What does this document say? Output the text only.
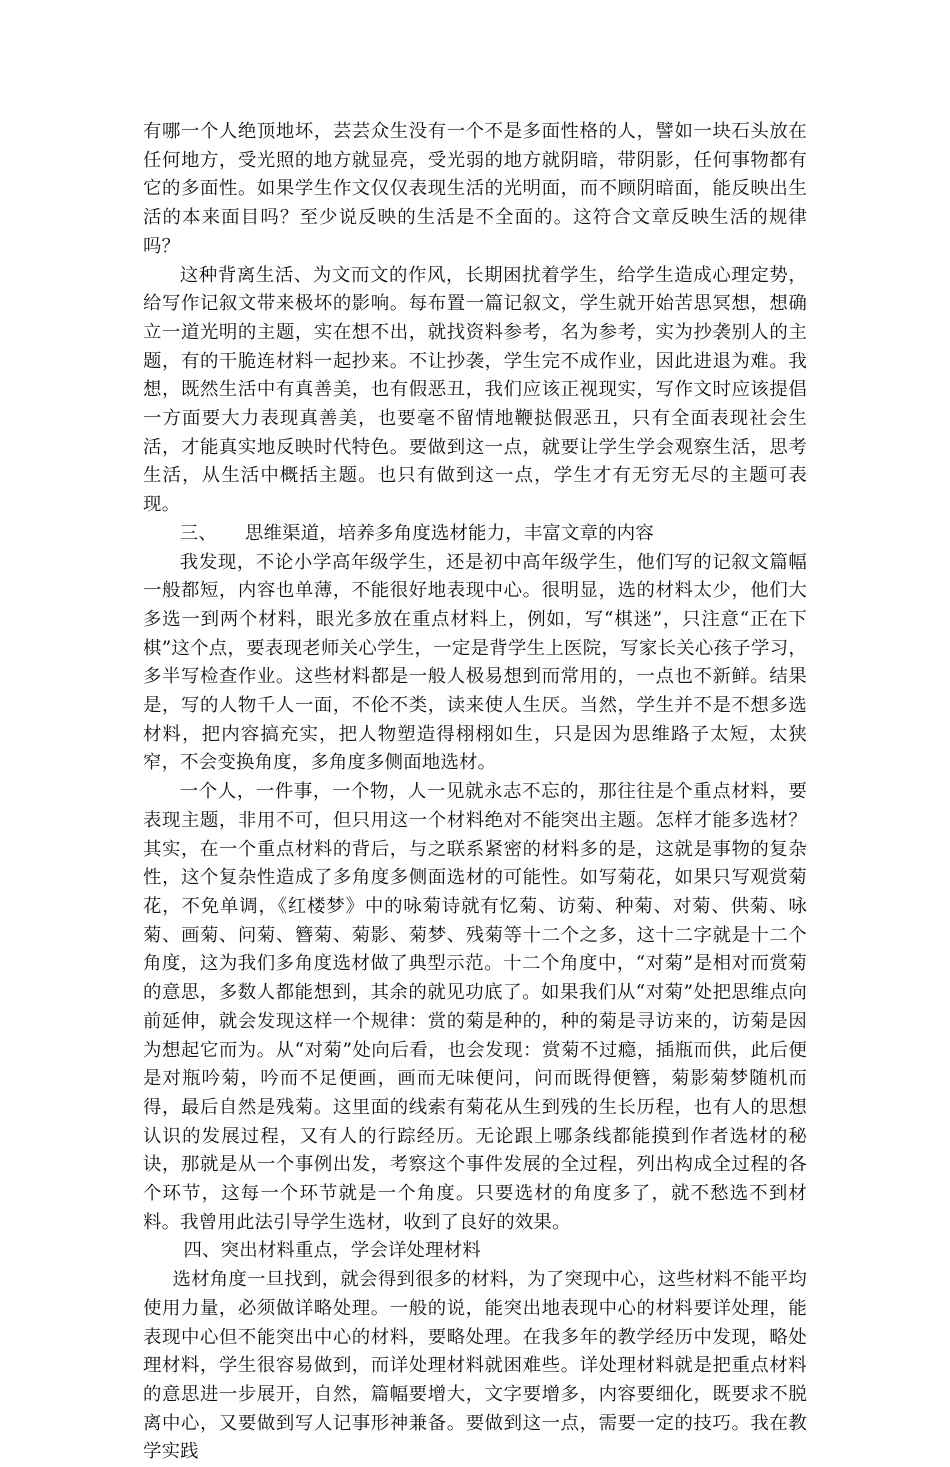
有哪一个人绝顶地坏，芸芸众生没有一个不是多面性格的人，譬如一块石头放在任何地方，受光照的地方就显亮，受光弱的地方就阴暗，带阴影，任何事物都有它的多面性。如果学生作文仅仅表现生活的光明面，而不顾阴暗面，能反映出生活的本来面目吗？至少说反映的生活是不全面的。这符合文章反映生活的规律吗？

这种背离生活、为文而文的作风，长期困扰着学生，给学生造成心理定势，给写作记叙文带来极坏的影响。每布置一篇记叙文，学生就开始苦思冥想，想确立一道光明的主题，实在想不出，就找资料参考，名为参考，实为抄袭别人的主题，有的干脆连材料一起抄来。不让抄袭，学生完不成作业，因此进退为难。我想，既然生活中有真善美，也有假恶丑，我们应该正视现实，写作文时应该提倡一方面要大力表现真善美，也要毫不留情地鞭挞假恶丑，只有全面表现社会生活，才能真实地反映时代特色。要做到这一点，就要让学生学会观察生活，思考生活，从生活中概括主题。也只有做到这一点，学生才有无穷无尽的主题可表现。

三、　　思维渠道，培养多角度选材能力，丰富文章的内容

我发现，不论小学高年级学生，还是初中高年级学生，他们写的记叙文篇幅一般都短，内容也单薄，不能很好地表现中心。很明显，选的材料太少，他们大多选一到两个材料，眼光多放在重点材料上，例如，写“棋迷”，只注意“正在下棋”这个点，要表现老师关心学生，一定是背学生上医院，写家长关心孩子学习，多半写检查作业。这些材料都是一般人极易想到而常用的，一点也不新鲜。结果是，写的人物千人一面，不伦不类，读来使人生厌。当然，学生并不是不想多选材料，把内容搞充实，把人物塑造得栩栩如生，只是因为思维路子太短，太狭窄，不会变换角度，多角度多侧面地选材。

一个人，一件事，一个物，人一见就永志不忘的，那往往是个重点材料，要表现主题，非用不可，但只用这一个材料绝对不能突出主题。怎样才能多选材？其实，在一个重点材料的背后，与之联系紧密的材料多的是，这就是事物的复杂性，这个复杂性造成了多角度多侧面选材的可能性。如写菊花，如果只写观赏菊花，不免单调，《红楼梦》中的咏菊诗就有忆菊、访菊、种菊、对菊、供菊、咏菊、画菊、问菊、簪菊、菊影、菊梦、残菊等十二个之多，这十二字就是十二个角度，这为我们多角度选材做了典型示范。十二个角度中，“对菊”是相对而赏菊的意思，多数人都能想到，其余的就见功底了。如果我们从“对菊”处把思维点向前延伸，就会发现这样一个规律：赏的菊是种的，种的菊是寻访来的，访菊是因为想起它而为。从“对菊”处向后看，也会发现：赏菊不过瘾，插瓶而供，此后便是对瓶吟菊，吟而不足便画，画而无味便问，问而既得便簪，菊影菊梦随机而得，最后自然是残菊。这里面的线索有菊花从生到残的生长历程，也有人的思想认识的发展过程，又有人的行踪经历。无论跟上哪条线都能摸到作者选材的秘诀，那就是从一个事例出发，考察这个事件发展的全过程，列出构成全过程的各个环节，这每一个环节就是一个角度。只要选材的角度多了，就不愁选不到材料。我曾用此法引导学生选材，收到了良好的效果。

四、突出材料重点，学会详处理材料

选材角度一旦找到，就会得到很多的材料，为了突现中心，这些材料不能平均使用力量，必须做详略处理。一般的说，能突出地表现中心的材料要详处理，能表现中心但不能突出中心的材料，要略处理。在我多年的教学经历中发现，略处理材料，学生很容易做到，而详处理材料就困难些。详处理材料就是把重点材料的意思进一步展开，自然，篇幅要增大，文字要增多，内容要细化，既要求不脱离中心，又要做到写人记事形神兼备。要做到这一点，需要一定的技巧。我在教学实践
